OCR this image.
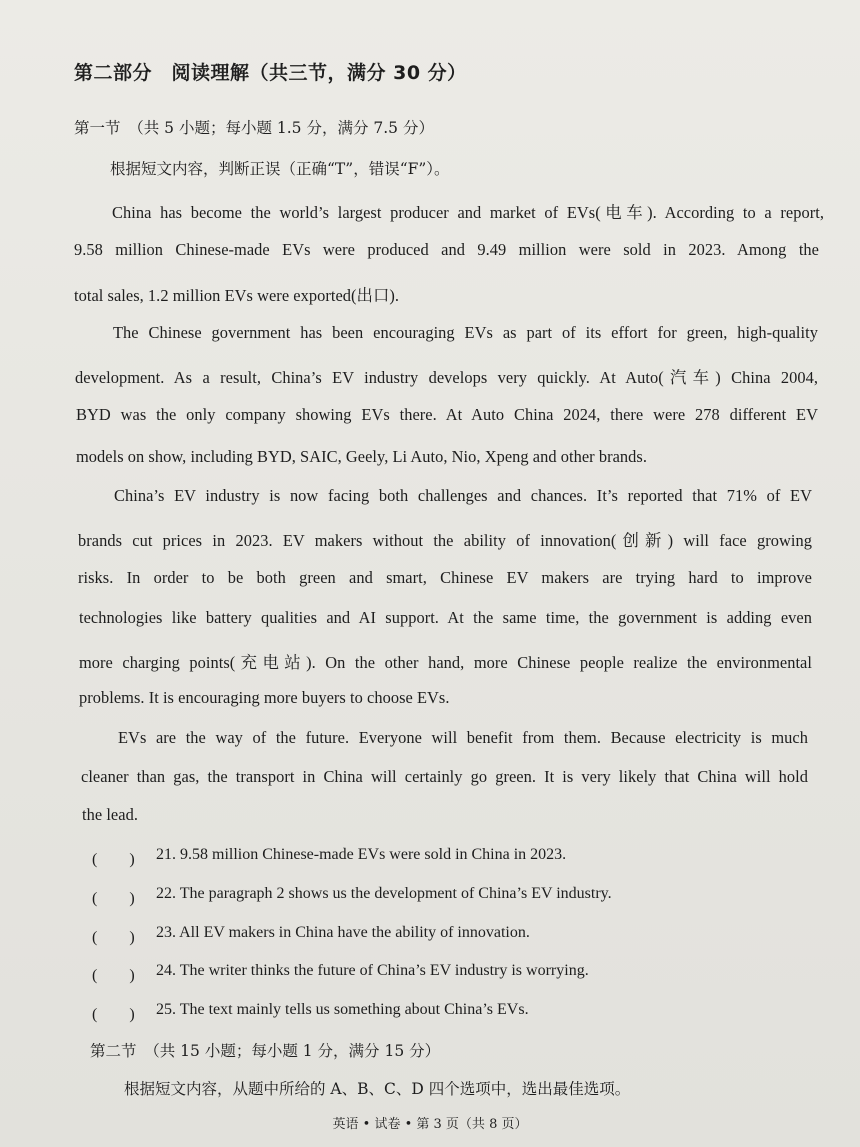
第二部分　阅读理解（共三节，满分 30 分）
第一节　（共 5 小题；每小题 1.5 分，满分 7.5 分）
根据短文内容，判断正误（正确“T”，错误“F”）。
China has become the world’s largest producer and market of EVs(电车). According to a report,
9.58 million Chinese-made EVs were produced and 9.49 million were sold in 2023. Among the
total sales, 1.2 million EVs were exported(出口).
The Chinese government has been encouraging EVs as part of its effort for green, high-quality
development. As a result, China’s EV industry develops very quickly. At Auto(汽车) China 2004,
BYD was the only company showing EVs there. At Auto China 2024, there were 278 different EV
models on show, including BYD, SAIC, Geely, Li Auto, Nio, Xpeng and other brands.
China’s EV industry is now facing both challenges and chances. It’s reported that 71% of EV
brands cut prices in 2023. EV makers without the ability of innovation(创新) will face growing
risks. In order to be both green and smart, Chinese EV makers are trying hard to improve
technologies like battery qualities and AI support. At the same time, the government is adding even
more charging points(充电站). On the other hand, more Chinese people realize the environmental
problems. It is encouraging more buyers to choose EVs.
EVs are the way of the future. Everyone will benefit from them. Because electricity is much
cleaner than gas, the transport in China will certainly go green. It is very likely that China will hold
the lead.
(　　) 21. 9.58 million Chinese-made EVs were sold in China in 2023.
(　　) 22. The paragraph 2 shows us the development of China’s EV industry.
(　　) 23. All EV makers in China have the ability of innovation.
(　　) 24. The writer thinks the future of China’s EV industry is worrying.
(　　) 25. The text mainly tells us something about China’s EVs.
第二节　（共 15 小题；每小题 1 分，满分 15 分）
根据短文内容，从题中所给的 A、B、C、D 四个选项中，选出最佳选项。
英语 • 试卷 • 第 3 页（共 8 页）
